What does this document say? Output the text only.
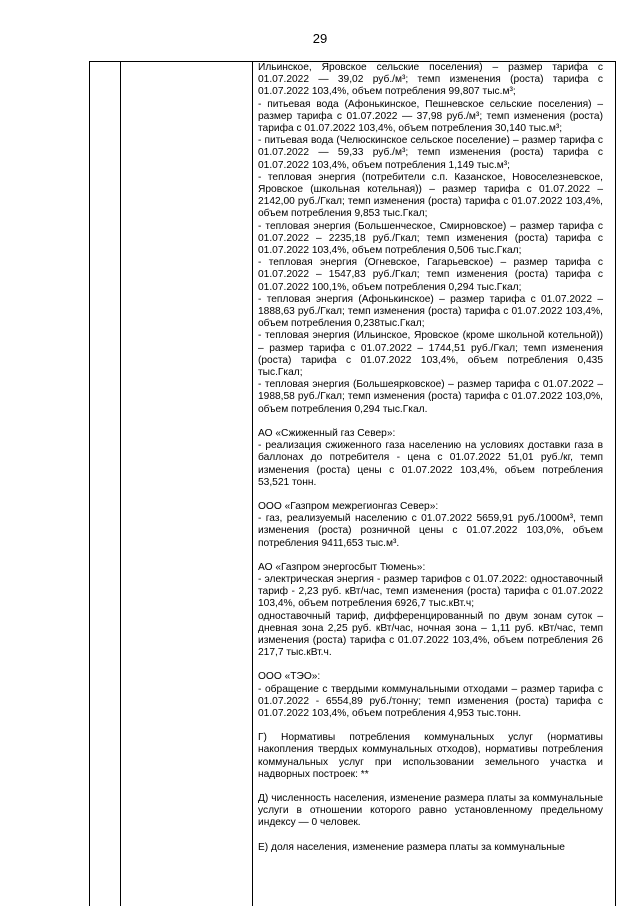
29

Ильинское, Яровское сельские поселения) – размер тарифа с 01.07.2022 — 39,02 руб./м³; темп изменения (роста) тарифа с 01.07.2022 103,4%, объем потребления 99,807 тыс.м³;

- питьевая вода (Афонькинское, Пешневское сельские поселения) – размер тарифа с 01.07.2022 — 37,98 руб./м³; темп изменения (роста) тарифа с 01.07.2022 103,4%, объем потребления 30,140 тыс.м³;

- питьевая вода (Челюскинское сельское поселение) – размер тарифа с 01.07.2022 — 59,33 руб./м³; темп изменения (роста) тарифа с 01.07.2022 103,4%, объем потребления 1,149 тыс.м³;

- тепловая энергия (потребители с.п. Казанское, Новоселезневское, Яровское (школьная котельная)) – размер тарифа с 01.07.2022 – 2142,00 руб./Гкал; темп изменения (роста) тарифа с 01.07.2022 103,4%, объем потребления 9,853 тыс.Гкал;

- тепловая энергия (Большенческое, Смирновское) – размер тарифа с 01.07.2022 – 2235,18 руб./Гкал; темп изменения (роста) тарифа с 01.07.2022 103,4%, объем потребления 0,506 тыс.Гкал;

- тепловая энергия (Огневское, Гагарьевское) – размер тарифа с 01.07.2022 – 1547,83 руб./Гкал; темп изменения (роста) тарифа с 01.07.2022 100,1%, объем потребления 0,294 тыс.Гкал;

- тепловая энергия (Афонькинское) – размер тарифа с 01.07.2022 – 1888,63 руб./Гкал; темп изменения (роста) тарифа с 01.07.2022 103,4%, объем потребления 0,238тыс.Гкал;

- тепловая энергия (Ильинское, Яровское (кроме школьной котельной)) – размер тарифа с 01.07.2022 – 1744,51 руб./Гкал; темп изменения (роста) тарифа с 01.07.2022 103,4%, объем потребления 0,435 тыс.Гкал;

- тепловая энергия (Большеярковское) – размер тарифа с 01.07.2022 – 1988,58 руб./Гкал; темп изменения (роста) тарифа с 01.07.2022 103,0%, объем потребления 0,294 тыс.Гкал.

АО «Сжиженный газ Север»:

- реализация сжиженного газа населению на условиях доставки газа в баллонах до потребителя - цена с 01.07.2022 51,01 руб./кг, темп изменения (роста) цены с 01.07.2022 103,4%, объем потребления 53,521 тонн.

ООО «Газпром межрегионгаз Север»:

- газ, реализуемый населению с 01.07.2022 5659,91 руб./1000м³, темп изменения (роста) розничной цены с 01.07.2022 103,0%, объем потребления 9411,653 тыс.м³.

АО «Газпром энергосбыт Тюмень»:

- электрическая энергия - размер тарифов с 01.07.2022: одноставочный тариф - 2,23 руб. кВт/час, темп изменения (роста) тарифа с 01.07.2022 103,4%, объем потребления 6926,7 тыс.кВт.ч;

одноставочный тариф, дифференцированный по двум зонам суток – дневная зона 2,25 руб. кВт/час, ночная зона – 1,11 руб. кВт/час, темп изменения (роста) тарифа с 01.07.2022 103,4%, объем потребления 26 217,7 тыс.кВт.ч.

ООО «ТЭО»:

- обращение с твердыми коммунальными отходами – размер тарифа с 01.07.2022 - 6554,89 руб./тонну; темп изменения (роста) тарифа с 01.07.2022 103,4%, объем потребления 4,953 тыс.тонн.

Г) Нормативы потребления коммунальных услуг (нормативы накопления твердых коммунальных отходов), нормативы потребления коммунальных услуг при использовании земельного участка и надворных построек: **

Д) численность населения, изменение размера платы за коммунальные услуги в отношении которого равно установленному предельному индексу — 0 человек.

Е) доля населения, изменение размера платы за коммунальные
